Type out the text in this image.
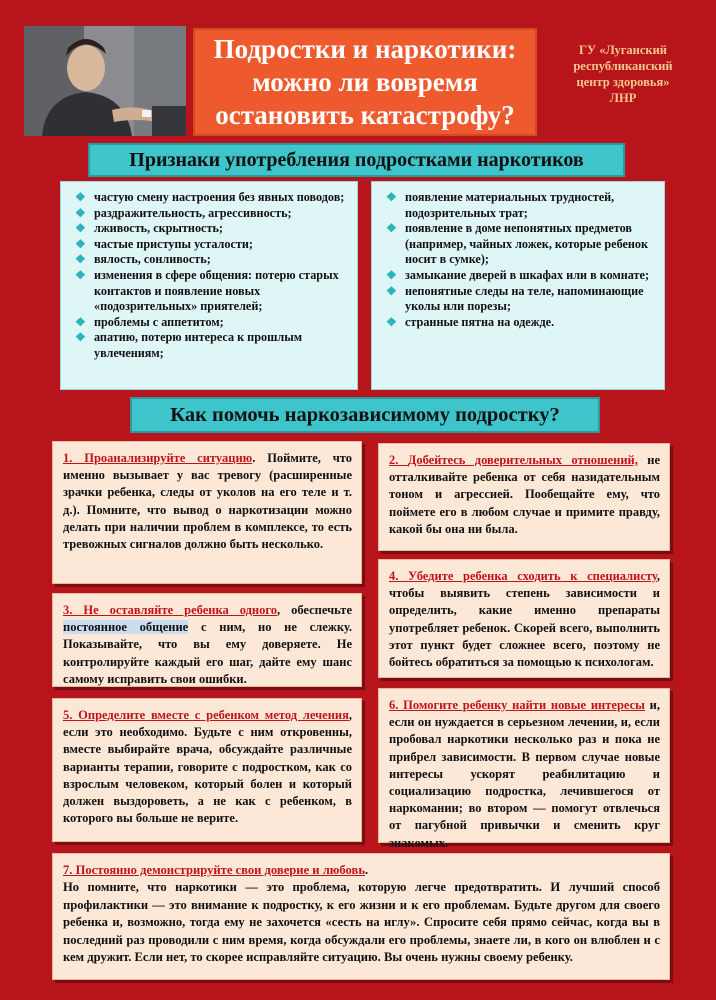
Подростки и наркотики:
можно ли вовремя
остановить катастрофу?
ГУ «Луганский
республиканский
центр здоровья»
ЛНР
Признаки употребления подростками наркотиков
❖ частую смену настроения без явных поводов;
❖ раздражительность, агрессивность;
❖ лживость, скрытность;
❖ частые приступы усталости;
❖ вялость, сонливость;
❖ изменения в сфере общения: потерю старых контактов и появление новых «подозрительных» приятелей;
❖ проблемы с аппетитом;
❖ апатию, потерю интереса к прошлым увлечениям;
❖ появление материальных трудностей, подозрительных трат;
❖ появление в доме непонятных предметов (например, чайных ложек, которые ребенок носит в сумке);
❖ замыкание дверей в шкафах или в комнате;
❖ непонятные следы на теле, напоминающие уколы или порезы;
❖ странные пятна на одежде.
Как помочь наркозависимому подростку?
1. Проанализируйте ситуацию. Поймите, что именно вызывает у вас тревогу (расширенные зрачки ребенка, следы от уколов на его теле и т. д.). Помните, что вывод о наркотизации можно делать при наличии проблем в комплексе, то есть тревожных сигналов должно быть несколько.
2. Добейтесь доверительных отношений, не отталкивайте ребенка от себя назидательным тоном и агрессией. Пообещайте ему, что поймете его в любом случае и примите правду, какой бы она ни была.
3. Не оставляйте ребенка одного, обеспечьте постоянное общение с ним, но не слежку. Показывайте, что вы ему доверяете. Не контролируйте каждый его шаг, дайте ему шанс самому исправить свои ошибки.
4. Убедите ребенка сходить к специалисту, чтобы выявить степень зависимости и определить, какие именно препараты употребляет ребенок. Скорей всего, выполнить этот пункт будет сложнее всего, поэтому не бойтесь обратиться за помощью к психологам.
5. Определите вместе с ребенком метод лечения, если это необходимо. Будьте с ним откровенны, вместе выбирайте врача, обсуждайте различные варианты терапии, говорите с подростком, как со взрослым человеком, который болен и который должен выздороветь, а не как с ребенком, в которого вы больше не верите.
6. Помогите ребенку найти новые интересы и, если он нуждается в серьезном лечении, и, если пробовал наркотики несколько раз и пока не прибрел зависимости. В первом случае новые интересы ускорят реабилитацию и социализацию подростка, лечившегося от наркомании; во втором — помогут отвлечься от пагубной привычки и сменить круг знакомых.
7. Постоянно демонстрируйте свои доверие и любовь.
Но помните, что наркотики — это проблема, которую легче предотвратить. И лучший способ профилактики — это внимание к подростку, к его жизни и к его проблемам. Будьте другом для своего ребенка и, возможно, тогда ему не захочется «сесть на иглу». Спросите себя прямо сейчас, когда вы в последний раз проводили с ним время, когда обсуждали его проблемы, знаете ли, в кого он влюблен и с кем дружит. Если нет, то скорее исправляйте ситуацию. Вы очень нужны своему ребенку.
